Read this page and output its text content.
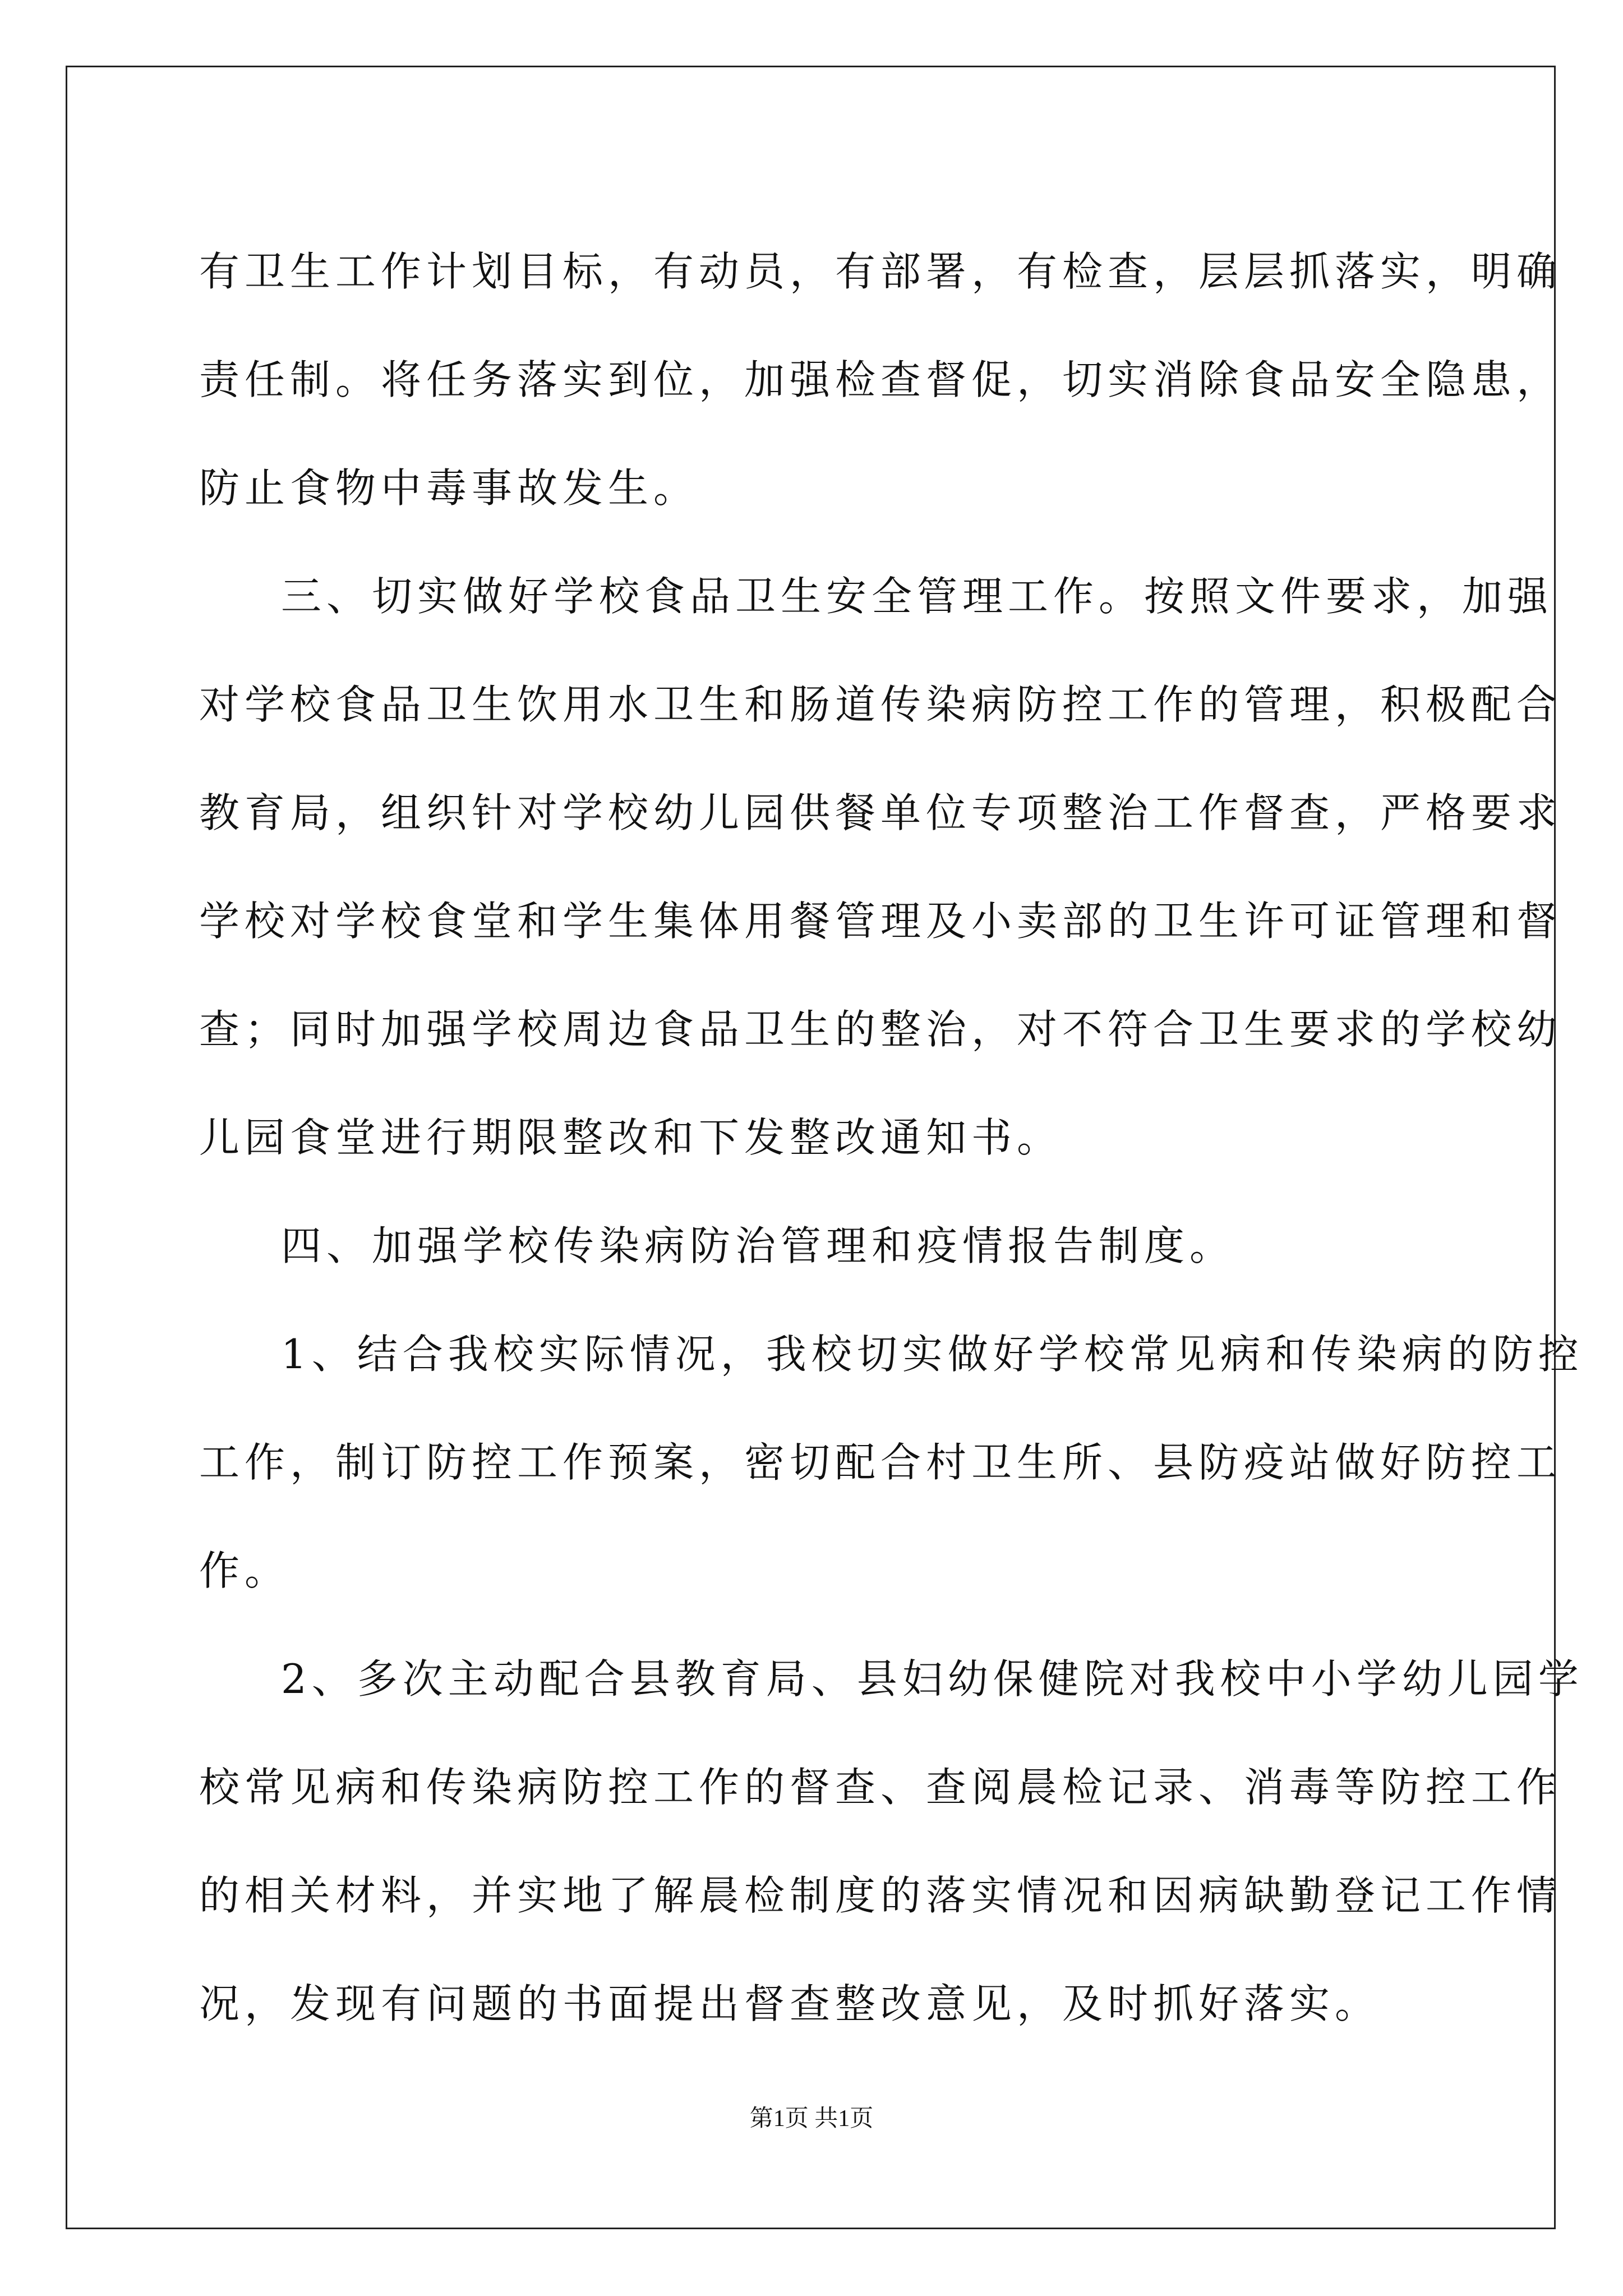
有卫生工作计划目标，有动员，有部署，有检查，层层抓落实，明确
责任制。将任务落实到位，加强检查督促，切实消除食品安全隐患，
防止食物中毒事故发生。

三、切实做好学校食品卫生安全管理工作。按照文件要求，加强
对学校食品卫生饮用水卫生和肠道传染病防控工作的管理，积极配合
教育局，组织针对学校幼儿园供餐单位专项整治工作督查，严格要求
学校对学校食堂和学生集体用餐管理及小卖部的卫生许可证管理和督
查；同时加强学校周边食品卫生的整治，对不符合卫生要求的学校幼
儿园食堂进行期限整改和下发整改通知书。

四、加强学校传染病防治管理和疫情报告制度。

1、结合我校实际情况，我校切实做好学校常见病和传染病的防控
工作，制订防控工作预案，密切配合村卫生所、县防疫站做好防控工
作。

2、多次主动配合县教育局、县妇幼保健院对我校中小学幼儿园学
校常见病和传染病防控工作的督查、查阅晨检记录、消毒等防控工作
的相关材料，并实地了解晨检制度的落实情况和因病缺勤登记工作情
况，发现有问题的书面提出督查整改意见，及时抓好落实。

第1页 共1页
